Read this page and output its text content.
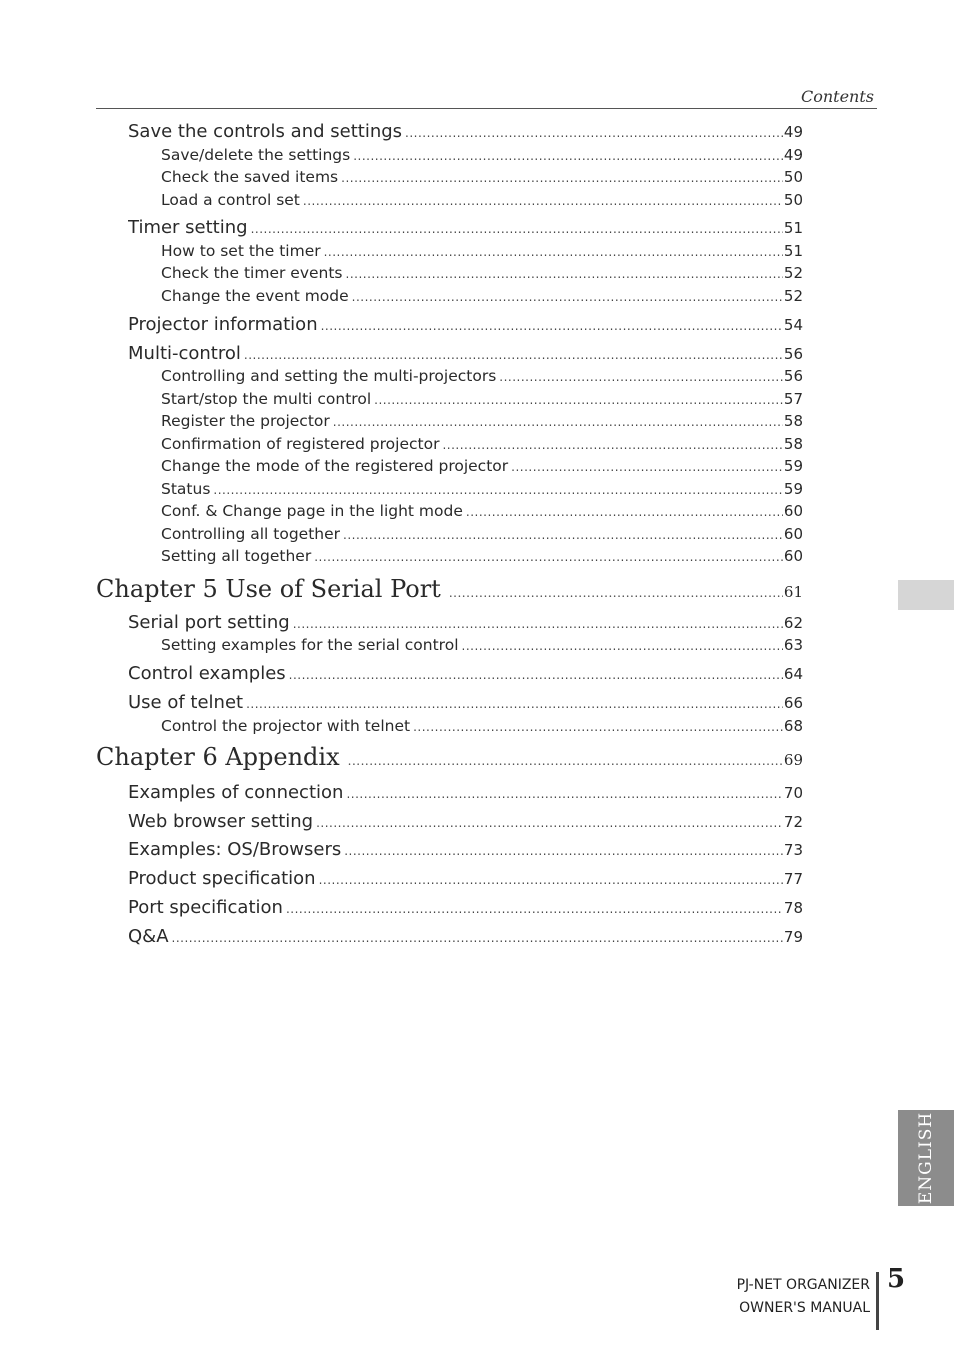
Contents
Save the controls and settings .....	49
Save/delete the settings .....	49
Check the saved items .....	50
Load a control set .....	50
Timer setting .....	51
How to set the timer .....	51
Check the timer events .....	52
Change the event mode .....	52
Projector information .....	54
Multi-control .....	56
Controlling and setting the multi-projectors .....	56
Start/stop the multi control .....	57
Register the projector .....	58
Confirmation of registered projector .....	58
Change the mode of the registered projector .....	59
Status .....	59
Conf. & Change page in the light mode .....	60
Controlling all together .....	60
Setting all together .....	60
Chapter 5 Use of Serial Port .....	61
Serial port setting .....	62
Setting examples for the serial control .....	63
Control examples .....	64
Use of telnet .....	66
Control the projector with telnet .....	68
Chapter 6 Appendix .....	69
Examples of connection .....	70
Web browser setting .....	72
Examples: OS/Browsers .....	73
Product specification .....	77
Port specification .....	78
Q&A .....	79
ENGLISH
PJ-NET ORGANIZER
OWNER'S MANUAL
5
